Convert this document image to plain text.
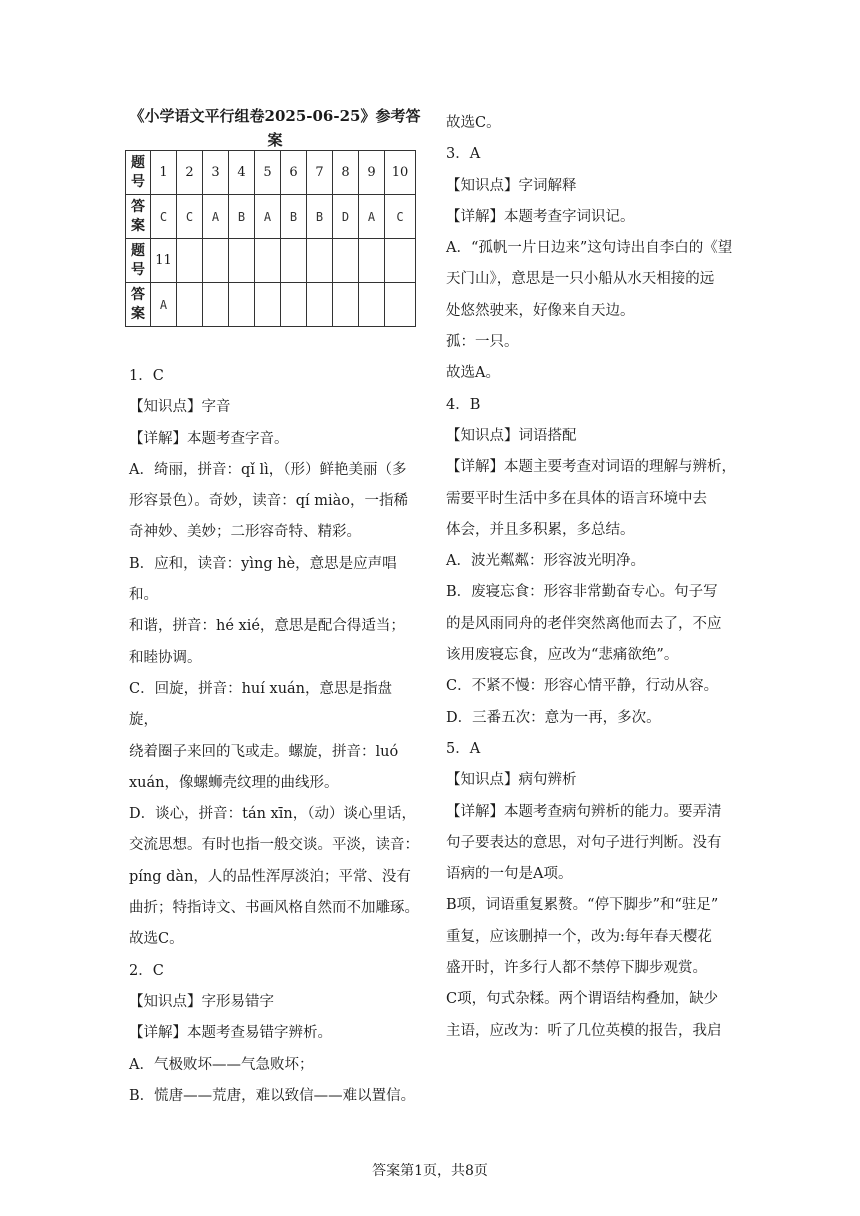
《小学语文平行组卷2025-06-25》参考答案
题号	1	2	3	4	5	6	7	8	9	10
答案	C	C	A	B	A	B	B	D	A	C
题号	11									
答案	A									

1．C

【知识点】字音

【详解】本题考查字音。

A．绮丽，拼音：qǐ lì，（形）鲜艳美丽（多

形容景色）。奇妙，读音：qí miào，一指稀

奇神妙、美妙；二形容奇特、精彩。

B．应和，读音：yìng hè，意思是应声唱和。

和谐，拼音：hé xié，意思是配合得适当；

和睦协调。

C．回旋，拼音：huí xuán，意思是指盘旋，

绕着圈子来回的飞或走。螺旋，拼音：luó

xuán，像螺蛳壳纹理的曲线形。

D．谈心，拼音：tán xīn，（动）谈心里话，

交流思想。有时也指一般交谈。平淡，读音：

píng dàn，人的品性浑厚淡泊；平常、没有

曲折；特指诗文、书画风格自然而不加雕琢。

故选C。

2．C

【知识点】字形易错字

【详解】本题考查易错字辨析。

A．气极败坏——气急败坏；

B．慌唐——荒唐，难以致信——难以置信。

故选C。

3．A

【知识点】字词解释

【详解】本题考查字词识记。

A．“孤帆一片日边来”这句诗出自李白的《望

天门山》，意思是一只小船从水天相接的远

处悠然驶来，好像来自天边。

孤：一只。

故选A。

4．B

【知识点】词语搭配

【详解】本题主要考查对词语的理解与辨析，

需要平时生活中多在具体的语言环境中去

体会，并且多积累，多总结。

A．波光粼粼：形容波光明净。

B．废寝忘食：形容非常勤奋专心。句子写

的是风雨同舟的老伴突然离他而去了，不应

该用废寝忘食，应改为“悲痛欲绝”。

C．不紧不慢：形容心情平静，行动从容。

D．三番五次：意为一再，多次。

5．A

【知识点】病句辨析

【详解】本题考查病句辨析的能力。要弄清

句子要表达的意思，对句子进行判断。没有

语病的一句是A项。

B项，词语重复累赘。“停下脚步”和“驻足”

重复，应该删掉一个，改为:每年春天樱花

盛开时，许多行人都不禁停下脚步观赏。

C项，句式杂糅。两个谓语结构叠加，缺少

主语，应改为：听了几位英模的报告，我启

答案第1页，共8页
